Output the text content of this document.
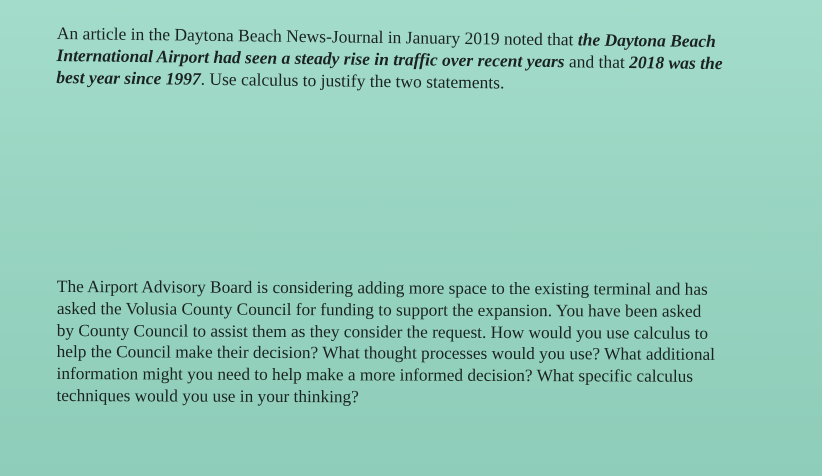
An article in the Daytona Beach News-Journal in January 2019 noted that the Daytona Beach
International Airport had seen a steady rise in traffic over recent years and that 2018 was the
best year since 1997. Use calculus to justify the two statements.
The Airport Advisory Board is considering adding more space to the existing terminal and has
asked the Volusia County Council for funding to support the expansion. You have been asked
by County Council to assist them as they consider the request. How would you use calculus to
help the Council make their decision? What thought processes would you use? What additional
information might you need to help make a more informed decision? What specific calculus
techniques would you use in your thinking?
